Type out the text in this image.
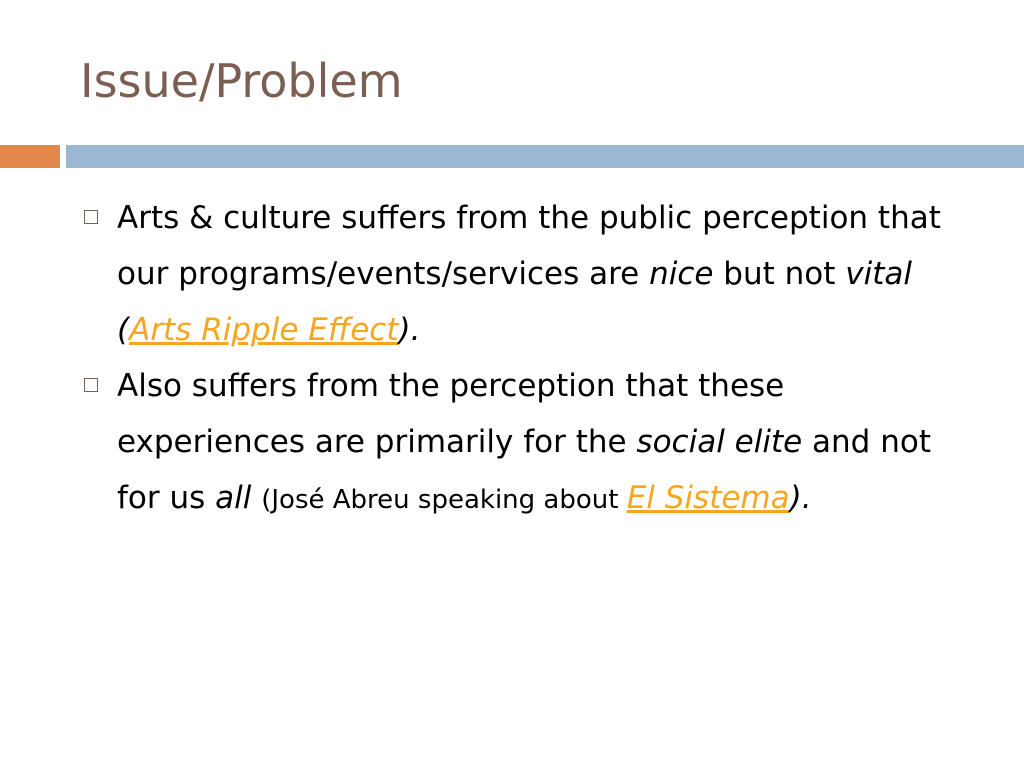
Issue/Problem
Arts & culture suffers from the public perception that our programs/events/services are nice but not vital (Arts Ripple Effect).
Also suffers from the perception that these experiences are primarily for the social elite and not for us all (José Abreu speaking about El Sistema).
